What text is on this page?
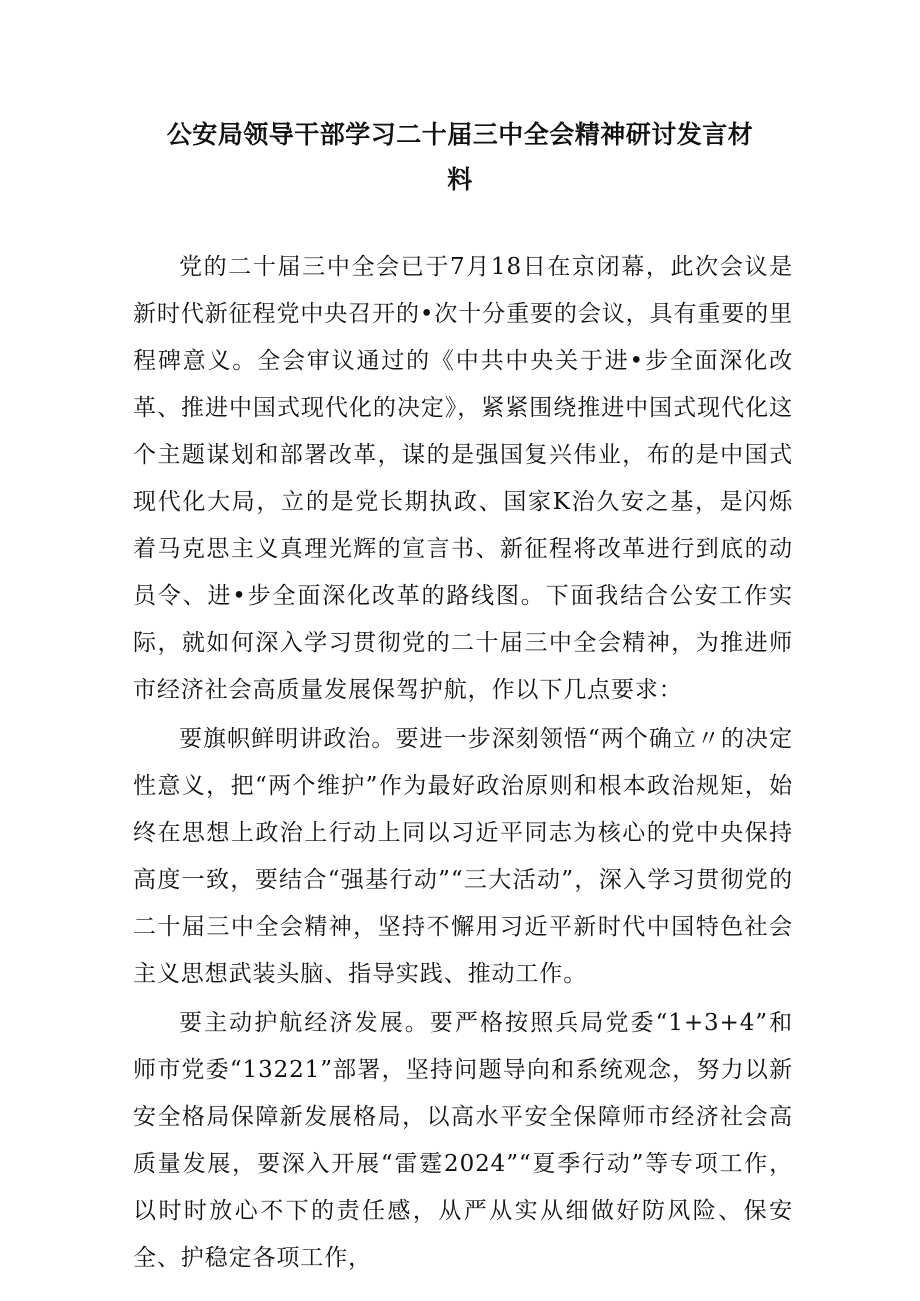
公安局领导干部学习二十届三中全会精神研讨发言材料

党的二十届三中全会已于7月18日在京闭幕，此次会议是新时代新征程党中央召开的•次十分重要的会议，具有重要的里程碑意义。全会审议通过的《中共中央关于进•步全面深化改革、推进中国式现代化的决定》，紧紧围绕推进中国式现代化这个主题谋划和部署改革，谋的是强国复兴伟业，布的是中国式现代化大局，立的是党长期执政、国家K治久安之基，是闪烁着马克思主义真理光辉的宣言书、新征程将改革进行到底的动员令、进•步全面深化改革的路线图。下面我结合公安工作实际，就如何深入学习贯彻党的二十届三中全会精神，为推进师市经济社会高质量发展保驾护航，作以下几点要求：

要旗帜鲜明讲政治。要进一步深刻领悟“两个确立〃的决定性意义，把“两个维护”作为最好政治原则和根本政治规矩，始终在思想上政治上行动上同以习近平同志为核心的党中央保持高度一致，要结合“强基行动”“三大活动”，深入学习贯彻党的二十届三中全会精神，坚持不懈用习近平新时代中国特色社会主义思想武装头脑、指导实践、推动工作。

要主动护航经济发展。要严格按照兵局党委“1+3+4”和师市党委“13221”部署，坚持问题导向和系统观念，努力以新安全格局保障新发展格局，以高水平安全保障师市经济社会高质量发展，要深入开展“雷霆2024”“夏季行动”等专项工作，以时时放心不下的责任感，从严从实从细做好防风险、保安全、护稳定各项工作，
